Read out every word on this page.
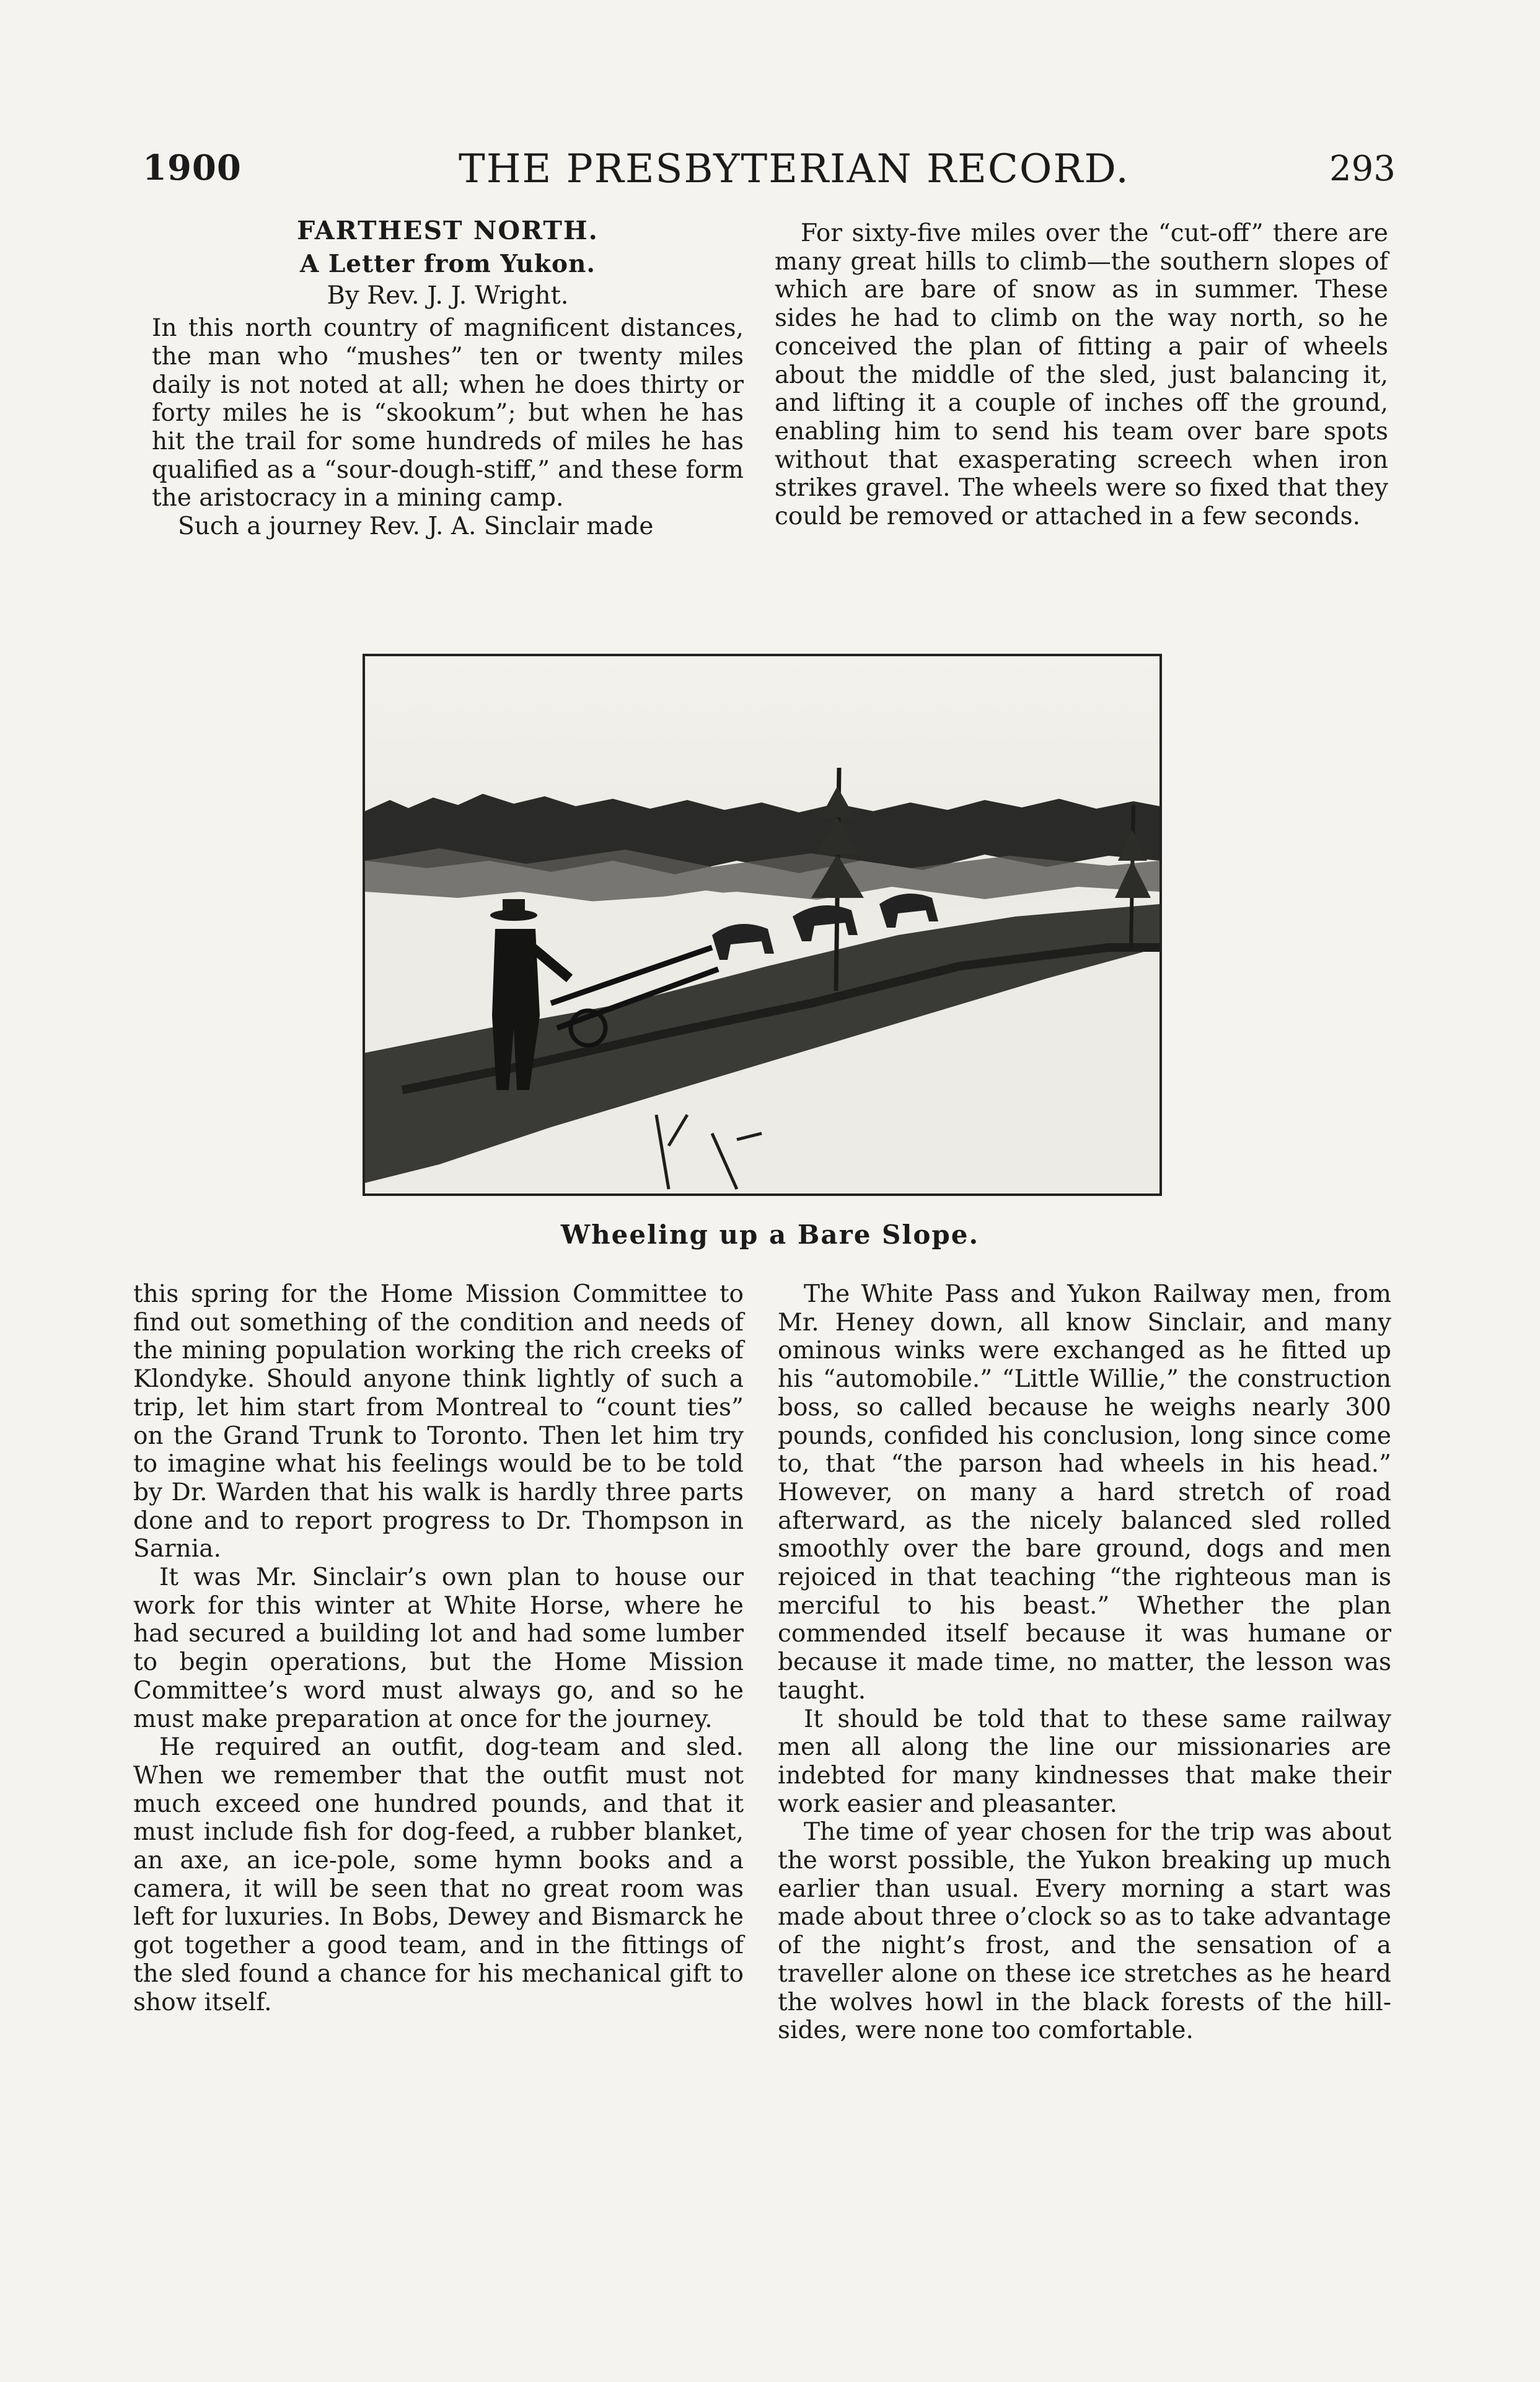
1900	THE PRESBYTERIAN RECORD.	293

FARTHEST NORTH.

A Letter from Yukon.

By Rev. J. J. Wright.

In this north country of magnificent distances, the man who “mushes” ten or twenty miles daily is not noted at all; when he does thirty or forty miles he is “skookum”; but when he has hit the trail for some hundreds of miles he has qualified as a “sour-dough-stiff,” and these form the aristocracy in a mining camp.

Such a journey Rev. J. A. Sinclair made

For sixty-five miles over the “cut-off” there are many great hills to climb—the southern slopes of which are bare of snow as in summer. These sides he had to climb on the way north, so he conceived the plan of fitting a pair of wheels about the middle of the sled, just balancing it, and lifting it a couple of inches off the ground, enabling him to send his team over bare spots without that exasperating screech when iron strikes gravel. The wheels were so fixed that they could be removed or attached in a few seconds.

Wheeling up a Bare Slope.

this spring for the Home Mission Committee to find out something of the condition and needs of the mining population working the rich creeks of Klondyke. Should anyone think lightly of such a trip, let him start from Montreal to “count ties” on the Grand Trunk to Toronto. Then let him try to imagine what his feelings would be to be told by Dr. Warden that his walk is hardly three parts done and to report progress to Dr. Thompson in Sarnia.

It was Mr. Sinclair’s own plan to house our work for this winter at White Horse, where he had secured a building lot and had some lumber to begin operations, but the Home Mission Committee’s word must always go, and so he must make preparation at once for the journey.

He required an outfit, dog-team and sled. When we remember that the outfit must not much exceed one hundred pounds, and that it must include fish for dog-feed, a rubber blanket, an axe, an ice-pole, some hymn books and a camera, it will be seen that no great room was left for luxuries. In Bobs, Dewey and Bismarck he got together a good team, and in the fittings of the sled found a chance for his mechanical gift to show itself.

The White Pass and Yukon Railway men, from Mr. Heney down, all know Sinclair, and many ominous winks were exchanged as he fitted up his “automobile.” “Little Willie,” the construction boss, so called because he weighs nearly 300 pounds, confided his conclusion, long since come to, that “the parson had wheels in his head.” However, on many a hard stretch of road afterward, as the nicely balanced sled rolled smoothly over the bare ground, dogs and men rejoiced in that teaching “the righteous man is merciful to his beast.” Whether the plan commended itself because it was humane or because it made time, no matter, the lesson was taught.

It should be told that to these same railway men all along the line our missionaries are indebted for many kindnesses that make their work easier and pleasanter.

The time of year chosen for the trip was about the worst possible, the Yukon breaking up much earlier than usual. Every morning a start was made about three o’clock so as to take advantage of the night’s frost, and the sensation of a traveller alone on these ice stretches as he heard the wolves howl in the black forests of the hill-sides, were none too comfortable.
